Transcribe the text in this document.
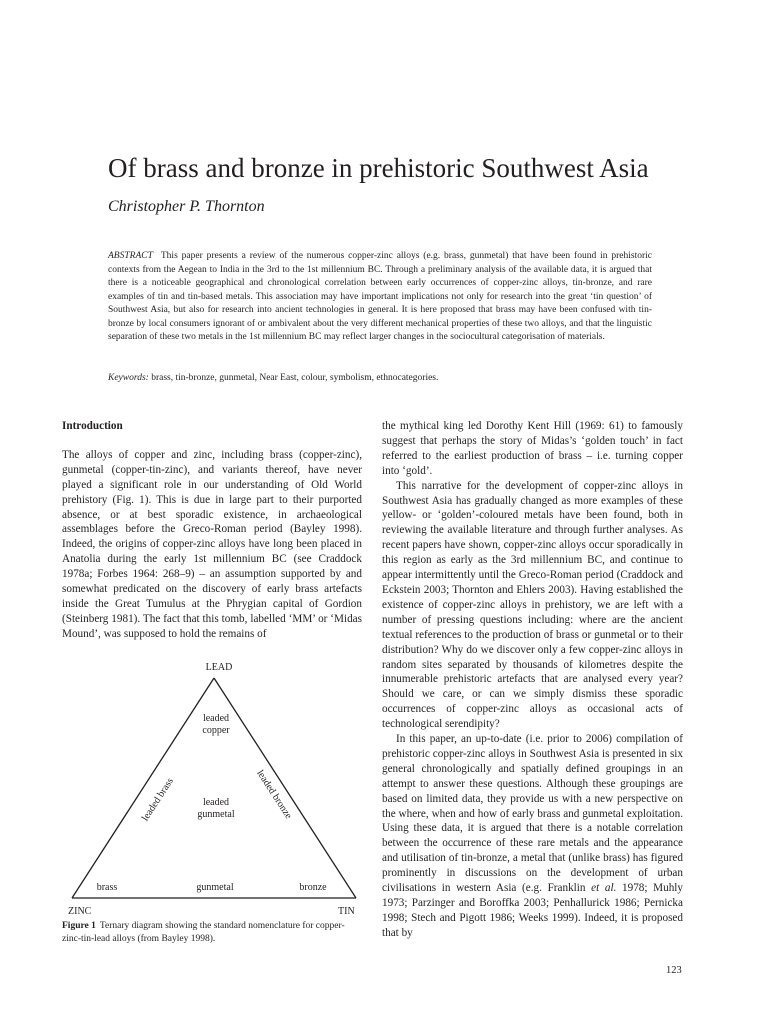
Of brass and bronze in prehistoric Southwest Asia
Christopher P. Thornton
ABSTRACT This paper presents a review of the numerous copper-zinc alloys (e.g. brass, gunmetal) that have been found in prehistoric contexts from the Aegean to India in the 3rd to the 1st millennium BC. Through a preliminary analysis of the available data, it is argued that there is a noticeable geographical and chronological correlation between early occurrences of copper-zinc alloys, tin-bronze, and rare examples of tin and tin-based metals. This association may have important implications not only for research into the great ‘tin question’ of Southwest Asia, but also for research into ancient technologies in general. It is here proposed that brass may have been confused with tin-bronze by local consumers ignorant of or ambivalent about the very different mechanical properties of these two alloys, and that the linguistic separation of these two metals in the 1st millennium BC may reflect larger changes in the sociocultural categorisation of materials.
Keywords: brass, tin-bronze, gunmetal, Near East, colour, symbolism, ethnocategories.

Introduction

The alloys of copper and zinc, including brass (copper-zinc), gunmetal (copper-tin-zinc), and variants thereof, have never played a significant role in our understanding of Old World prehistory (Fig. 1). This is due in large part to their purported absence, or at best sporadic existence, in archaeological assemblages before the Greco-Roman period (Bayley 1998). Indeed, the origins of copper-zinc alloys have long been placed in Anatolia during the early 1st millennium BC (see Craddock 1978a; Forbes 1964: 268–9) – an assumption supported by and somewhat predicated on the discovery of early brass artefacts inside the Great Tumulus at the Phrygian capital of Gordion (Steinberg 1981). The fact that this tomb, labelled ‘MM’ or ‘Midas Mound’, was supposed to hold the remains of

the mythical king led Dorothy Kent Hill (1969: 61) to famously suggest that perhaps the story of Midas’s ‘golden touch’ in fact referred to the earliest production of brass – i.e. turning copper into ‘gold’.

This narrative for the development of copper-zinc alloys in Southwest Asia has gradually changed as more examples of these yellow- or ‘golden’-coloured metals have been found, both in reviewing the available literature and through further analyses. As recent papers have shown, copper-zinc alloys occur sporadically in this region as early as the 3rd millennium BC, and continue to appear intermittently until the Greco-Roman period (Craddock and Eckstein 2003; Thornton and Ehlers 2003). Having established the existence of copper-zinc alloys in prehistory, we are left with a number of pressing questions including: where are the ancient textual references to the production of brass or gunmetal or to their distribution? Why do we discover only a few copper-zinc alloys in random sites separated by thousands of kilometres despite the innumerable prehistoric artefacts that are analysed every year? Should we care, or can we simply dismiss these sporadic occurrences of copper-zinc alloys as occasional acts of technological serendipity?

In this paper, an up-to-date (i.e. prior to 2006) compilation of prehistoric copper-zinc alloys in Southwest Asia is presented in six general chronologically and spatially defined groupings in an attempt to answer these questions. Although these groupings are based on limited data, they provide us with a new perspective on the where, when and how of early brass and gunmetal exploitation. Using these data, it is argued that there is a notable correlation between the occurrence of these rare metals and the appearance and utilisation of tin-bronze, a metal that (unlike brass) has figured prominently in discussions on the development of urban civilisations in western Asia (e.g. Franklin et al. 1978; Muhly 1973; Parzinger and Boroffka 2003; Penhallurick 1986; Pernicka 1998; Stech and Pigott 1986; Weeks 1999). Indeed, it is proposed that by

LEAD
leaded
copper
leaded
gunmetal
leaded brass	leaded bronze
brass	gunmetal	bronze
ZINC	TIN
Figure 1 Ternary diagram showing the standard nomenclature for copper-zinc-tin-lead alloys (from Bayley 1998).
123
